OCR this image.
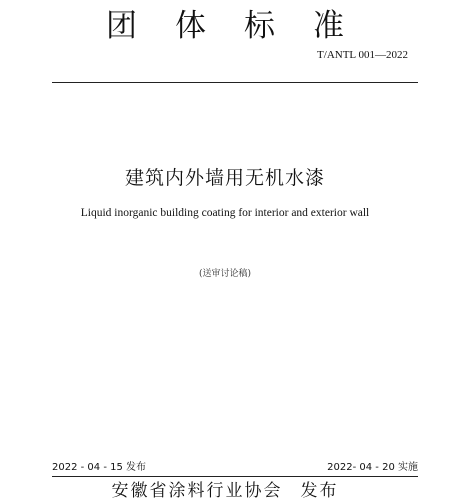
团体标准
T/ANTL 001—2022
建筑内外墙用无机水漆
Liquid inorganic building coating for interior and exterior wall
(送审讨论稿)
2022 - 04 - 15 发布	2022- 04 - 20 实施
安徽省涂料行业协会 发布
